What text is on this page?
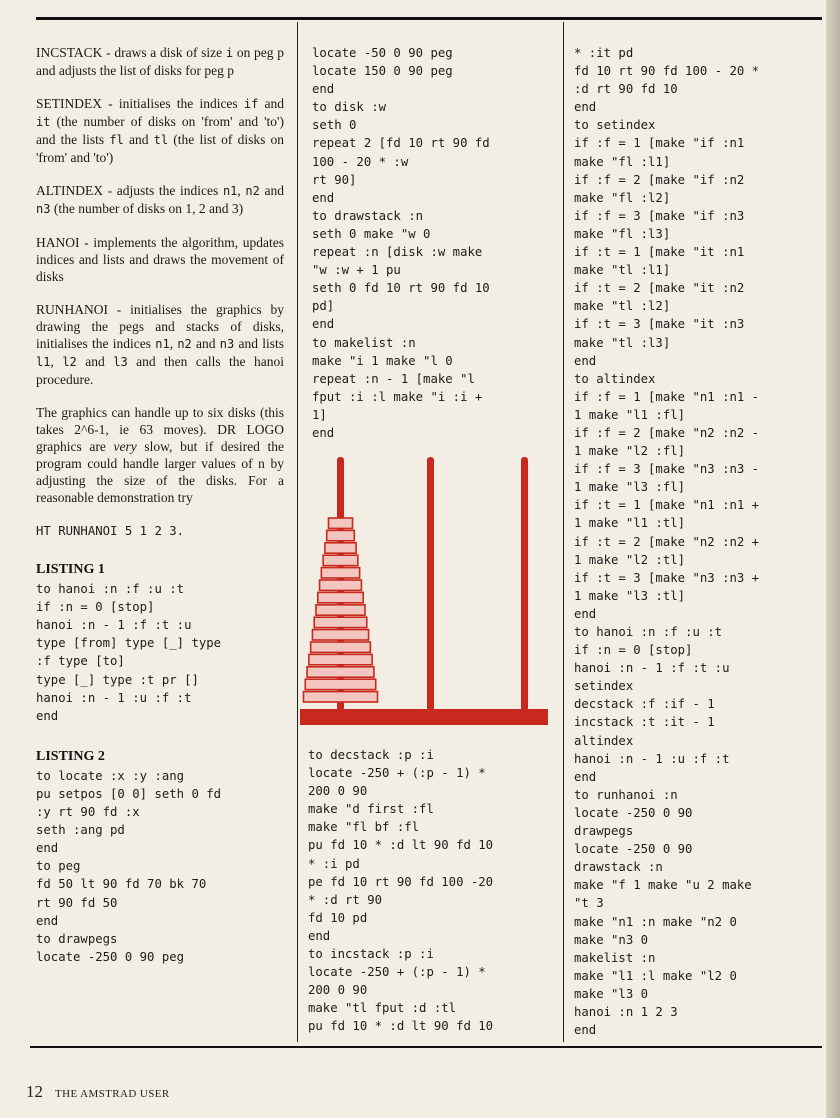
INCSTACK - draws a disk of size i on peg p and adjusts the list of disks for peg p

SETINDEX - initialises the indices if and it (the number of disks on 'from' and 'to') and the lists fl and tl (the list of disks on 'from' and 'to')

ALTINDEX - adjusts the indices n1, n2 and n3 (the number of disks on 1, 2 and 3)

HANOI - implements the algorithm, updates indices and lists and draws the movement of disks

RUNHANOI - initialises the graphics by drawing the pegs and stacks of disks, initialises the indices n1, n2 and n3 and lists l1, l2 and l3 and then calls the hanoi procedure.

The graphics can handle up to six disks (this takes 2^6-1, ie 63 moves). DR LOGO graphics are very slow, but if desired the program could handle larger values of n by adjusting the size of the disks. For a reasonable demonstration try

HT RUNHANOI 5 1 2 3.
LISTING 1
to hanoi :n :f :u :t
if :n = 0 [stop]
hanoi :n - 1 :f :t :u
type [from] type [_] type
:f type [to]
type [_] type :t pr []
hanoi :n - 1 :u :f :t
end
LISTING 2
to locate :x :y :ang
pu setpos [0 0] seth 0 fd
:y rt 90 fd :x
seth :ang pd
end
to peg
fd 50 lt 90 fd 70 bk 70
rt 90 fd 50
end
to drawpegs
locate -250 0 90 peg
locate -50 0 90 peg
locate 150 0 90 peg
end
to disk :w
seth 0
repeat 2 [fd 10 rt 90 fd
100 - 20 * :w
rt 90]
end
to drawstack :n
seth 0 make "w 0
repeat :n [disk :w make
"w :w + 1 pu
seth 0 fd 10 rt 90 fd 10
pd]
end
to makelist :n
make "i 1 make "l 0
repeat :n - 1 [make "l
fput :i :l make "i :i +
1]
end
to decstack :p :i
locate -250 + (:p - 1) *
200 0 90
make "d first :fl
make "fl bf :fl
pu fd 10 * :d lt 90 fd 10
* :i pd
pe fd 10 rt 90 fd 100 -20
* :d rt 90
fd 10 pd
end
to incstack :p :i
locate -250 + (:p - 1) *
200 0 90
make "tl fput :d :tl
pu fd 10 * :d lt 90 fd 10
* :it pd
fd 10 rt 90 fd 100 - 20 *
:d rt 90 fd 10
end
to setindex
if :f = 1 [make "if :n1
make "fl :l1]
if :f = 2 [make "if :n2
make "fl :l2]
if :f = 3 [make "if :n3
make "fl :l3]
if :t = 1 [make "it :n1
make "tl :l1]
if :t = 2 [make "it :n2
make "tl :l2]
if :t = 3 [make "it :n3
make "tl :l3]
end
to altindex
if :f = 1 [make "n1 :n1 -
1 make "l1 :fl]
if :f = 2 [make "n2 :n2 -
1 make "l2 :fl]
if :f = 3 [make "n3 :n3 -
1 make "l3 :fl]
if :t = 1 [make "n1 :n1 +
1 make "l1 :tl]
if :t = 2 [make "n2 :n2 +
1 make "l2 :tl]
if :t = 3 [make "n3 :n3 +
1 make "l3 :tl]
end
to hanoi :n :f :u :t
if :n = 0 [stop]
hanoi :n - 1 :f :t :u
setindex
decstack :f :if - 1
incstack :t :it - 1
altindex
hanoi :n - 1 :u :f :t
end
to runhanoi :n
locate -250 0 90
drawpegs
locate -250 0 90
drawstack :n
make "f 1 make "u 2 make
"t 3
make "n1 :n make "n2 0
make "n3 0
makelist :n
make "l1 :l make "l2 0
make "l3 0
hanoi :n 1 2 3
end
12 THE AMSTRAD USER
